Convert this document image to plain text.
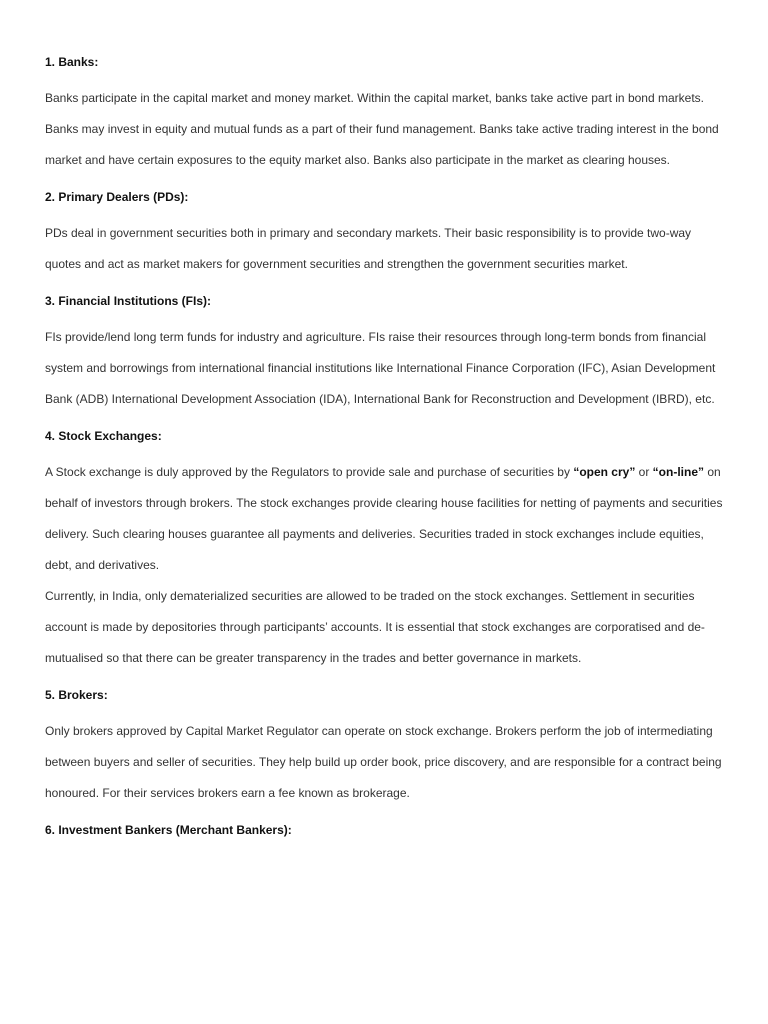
1. Banks:

Banks participate in the capital market and money market. Within the capital market, banks take active part in bond markets. Banks may invest in equity and mutual funds as a part of their fund management. Banks take active trading interest in the bond market and have certain exposures to the equity market also. Banks also participate in the market as clearing houses.

2. Primary Dealers (PDs):

PDs deal in government securities both in primary and secondary markets. Their basic responsibility is to provide two-way quotes and act as market makers for government securities and strengthen the government securities market.

3. Financial Institutions (FIs):

FIs provide/lend long term funds for industry and agriculture. FIs raise their resources through long-term bonds from financial system and borrowings from international financial institutions like International Finance Corporation (IFC), Asian Development Bank (ADB) International Development Association (IDA), International Bank for Reconstruction and Development (IBRD), etc.

4. Stock Exchanges:

A Stock exchange is duly approved by the Regulators to provide sale and purchase of securities by “open cry” or “on-line” on behalf of investors through brokers. The stock exchanges provide clearing house facilities for netting of payments and securities delivery. Such clearing houses guarantee all payments and deliveries. Securities traded in stock exchanges include equities, debt, and derivatives.

Currently, in India, only dematerialized securities are allowed to be traded on the stock exchanges. Settlement in securities account is made by depositories through participants’ accounts. It is essential that stock exchanges are corporatised and de-mutualised so that there can be greater transparency in the trades and better governance in markets.

5. Brokers:

Only brokers approved by Capital Market Regulator can operate on stock exchange. Brokers perform the job of intermediating between buyers and seller of securities. They help build up order book, price discovery, and are responsible for a contract being honoured. For their services brokers earn a fee known as brokerage.

6. Investment Bankers (Merchant Bankers):
